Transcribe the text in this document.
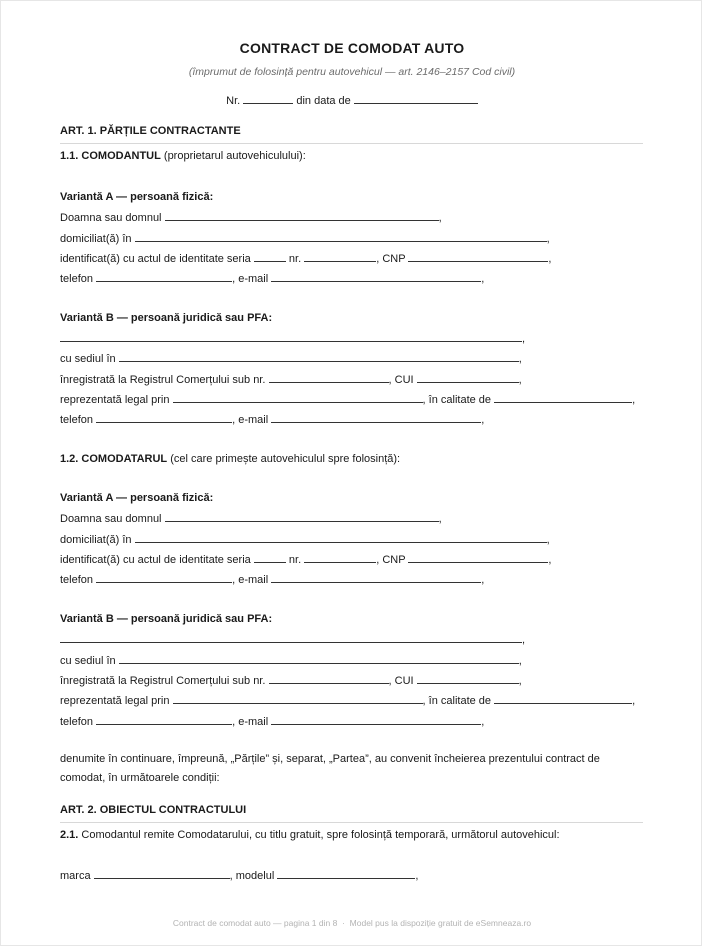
CONTRACT DE COMODAT AUTO
(împrumut de folosință pentru autovehicul — art. 2146–2157 Cod civil)
Nr.	din data de
ART. 1. PĂRȚILE CONTRACTANTE
1.1. COMODANTUL (proprietarul autovehiculului):
Variantă A — persoană fizică:
Doamna sau domnul	,
domiciliat(ă) în	,
identificat(ă) cu actul de identitate seria	nr.	, CNP	,
telefon	, e-mail	,
Variantă B — persoană juridică sau PFA:
,
cu sediul în	,
înregistrată la Registrul Comerțului sub nr.	, CUI	,
reprezentată legal prin	, în calitate de	,
telefon	, e-mail	,
1.2. COMODATARUL (cel care primește autovehiculul spre folosință):
Variantă A — persoană fizică:
Doamna sau domnul	,
domiciliat(ă) în	,
identificat(ă) cu actul de identitate seria	nr.	, CNP	,
telefon	, e-mail	,
Variantă B — persoană juridică sau PFA:
,
cu sediul în	,
înregistrată la Registrul Comerțului sub nr.	, CUI	,
reprezentată legal prin	, în calitate de	,
telefon	, e-mail	,
denumite în continuare, împreună, „Părțile” și, separat, „Partea”, au convenit încheierea prezentului contract de comodat, în următoarele condiții:
ART. 2. OBIECTUL CONTRACTULUI
2.1. Comodantul remite Comodatarului, cu titlu gratuit, spre folosință temporară, următorul autovehicul:
marca	, modelul	,
Contract de comodat auto — pagina 1 din 8 · Model pus la dispoziție gratuit de eSemneaza.ro
